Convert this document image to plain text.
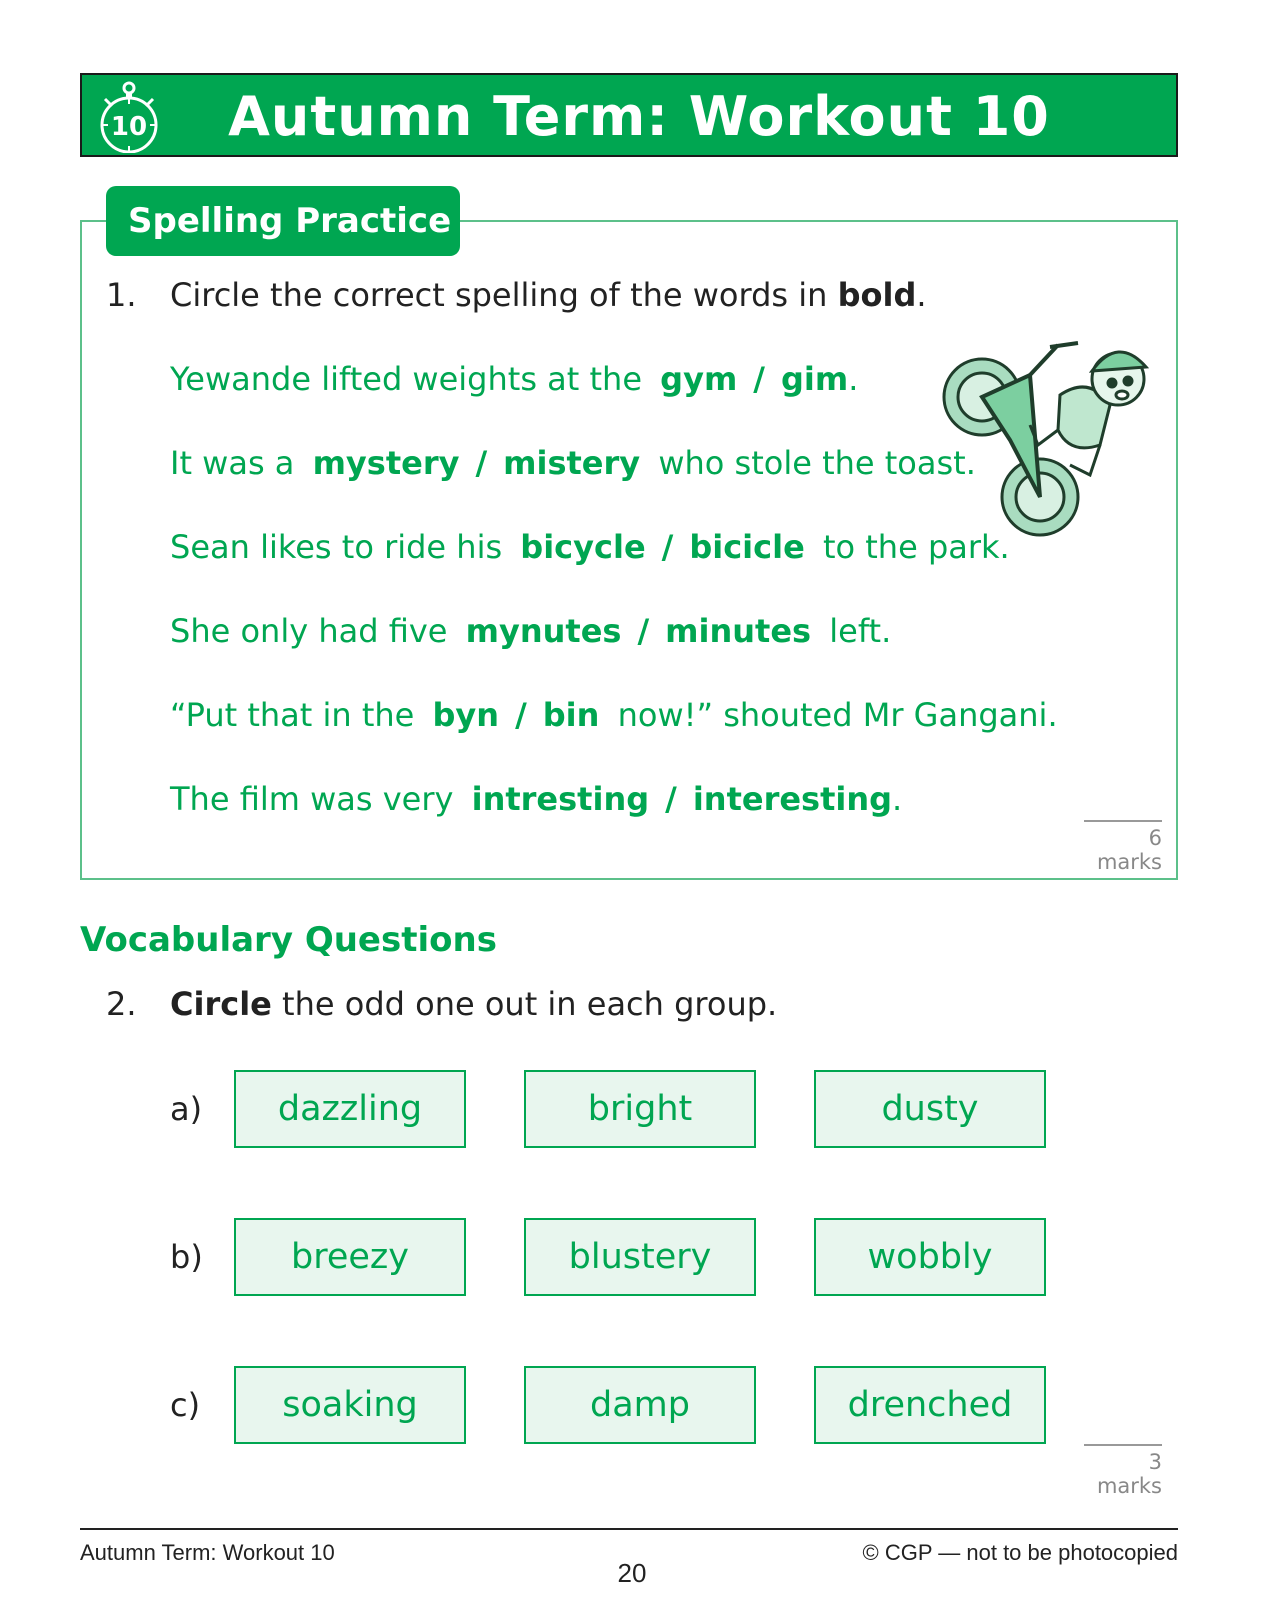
10	Autumn Term: Workout 10
Spelling Practice
1. Circle the correct spelling of the words in bold.
Yewande lifted weights at the gym / gim.
It was a mystery / mistery who stole the toast.
Sean likes to ride his bicycle / bicicle to the park.
She only had five mynutes / minutes left.
“Put that in the byn / bin now!” shouted Mr Gangani.
The film was very intresting / interesting.
6 marks
Vocabulary Questions
2. Circle the odd one out in each group.
a)	dazzling	bright	dusty
b)	breezy	blustery	wobbly
c)	soaking	damp	drenched
3 marks
Autumn Term: Workout 10	© CGP — not to be photocopied
20
